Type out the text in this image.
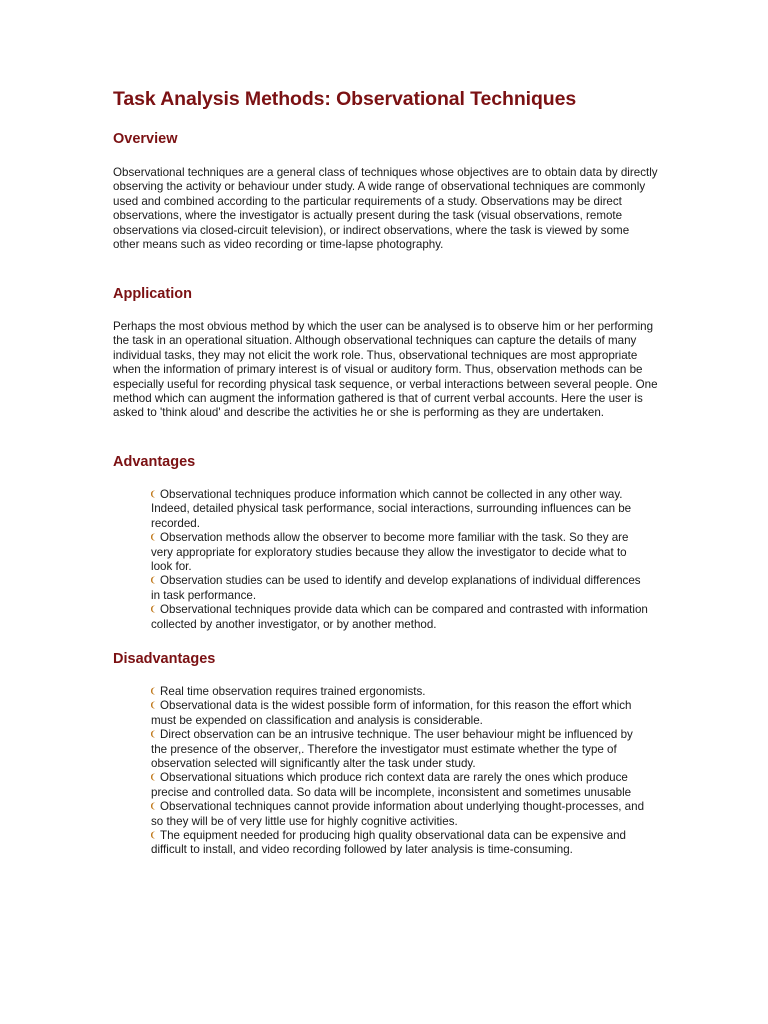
Task Analysis Methods: Observational Techniques
Overview

Observational techniques are a general class of techniques whose objectives are to obtain data by directly observing the activity or behaviour under study. A wide range of observational techniques are commonly used and combined according to the particular requirements of a study. Observations may be direct observations, where the investigator is actually present during the task (visual observations, remote observations via closed-circuit television), or indirect observations, where the task is viewed by some other means such as video recording or time-lapse photography.

Application

Perhaps the most obvious method by which the user can be analysed is to observe him or her performing the task in an operational situation. Although observational techniques can capture the details of many individual tasks, they may not elicit the work role. Thus, observational techniques are most appropriate when the information of primary interest is of visual or auditory form. Thus, observation methods can be especially useful for recording physical task sequence, or verbal interactions between several people. One method which can augment the information gathered is that of current verbal accounts. Here the user is asked to 'think aloud' and describe the activities he or she is performing as they are undertaken.

Advantages
Observational techniques produce information which cannot be collected in any other way. Indeed, detailed physical task performance, social interactions, surrounding influences can be recorded.
Observation methods allow the observer to become more familiar with the task. So they are very appropriate for exploratory studies because they allow the investigator to decide what to look for.
Observation studies can be used to identify and develop explanations of individual differences in task performance.
Observational techniques provide data which can be compared and contrasted with information collected by another investigator, or by another method.
Disadvantages
Real time observation requires trained ergonomists.
Observational data is the widest possible form of information, for this reason the effort which must be expended on classification and analysis is considerable.
Direct observation can be an intrusive technique. The user behaviour might be influenced by the presence of the observer,. Therefore the investigator must estimate whether the type of observation selected will significantly alter the task under study.
Observational situations which produce rich context data are rarely the ones which produce precise and controlled data. So data will be incomplete, inconsistent and sometimes unusable
Observational techniques cannot provide information about underlying thought-processes, and so they will be of very little use for highly cognitive activities.
The equipment needed for producing high quality observational data can be expensive and difficult to install, and video recording followed by later analysis is time-consuming.
